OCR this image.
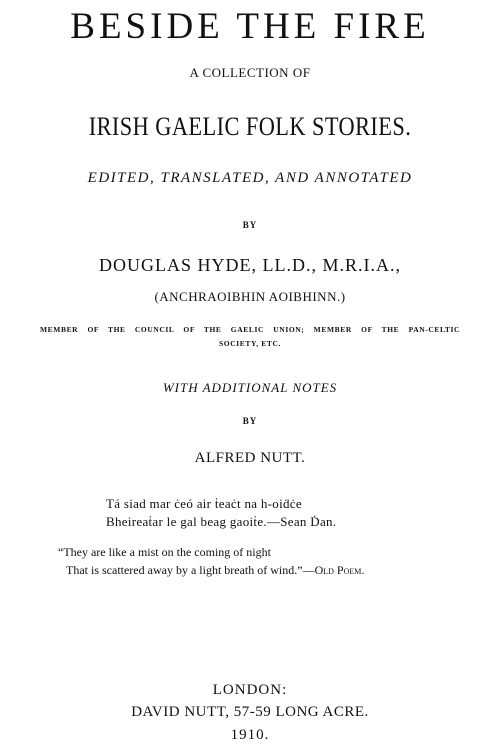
BESIDE THE FIRE

A COLLECTION OF

IRISH GAELIC FOLK STORIES.

EDITED, TRANSLATED, AND ANNOTATED

BY

DOUGLAS HYDE, LL.D., M.R.I.A.,

(ANCHRAOIBHIN AOIBHINN.)

MEMBER OF THE COUNCIL OF THE GAELIC UNION; MEMBER OF THE PAN-CELTIC

SOCIETY, ETC.

WITH ADDITIONAL NOTES

BY

ALFRED NUTT.

Tá siad mar ċeó air ṫeaċt na h-oiḋċe

Bheireaṫar le gal beag gaoiṫe.—Sean Ḋan.

“They are like a mist on the coming of night

That is scattered away by a light breath of wind.”—Old Poem.

LONDON:

DAVID NUTT, 57-59 LONG ACRE.

1910.
